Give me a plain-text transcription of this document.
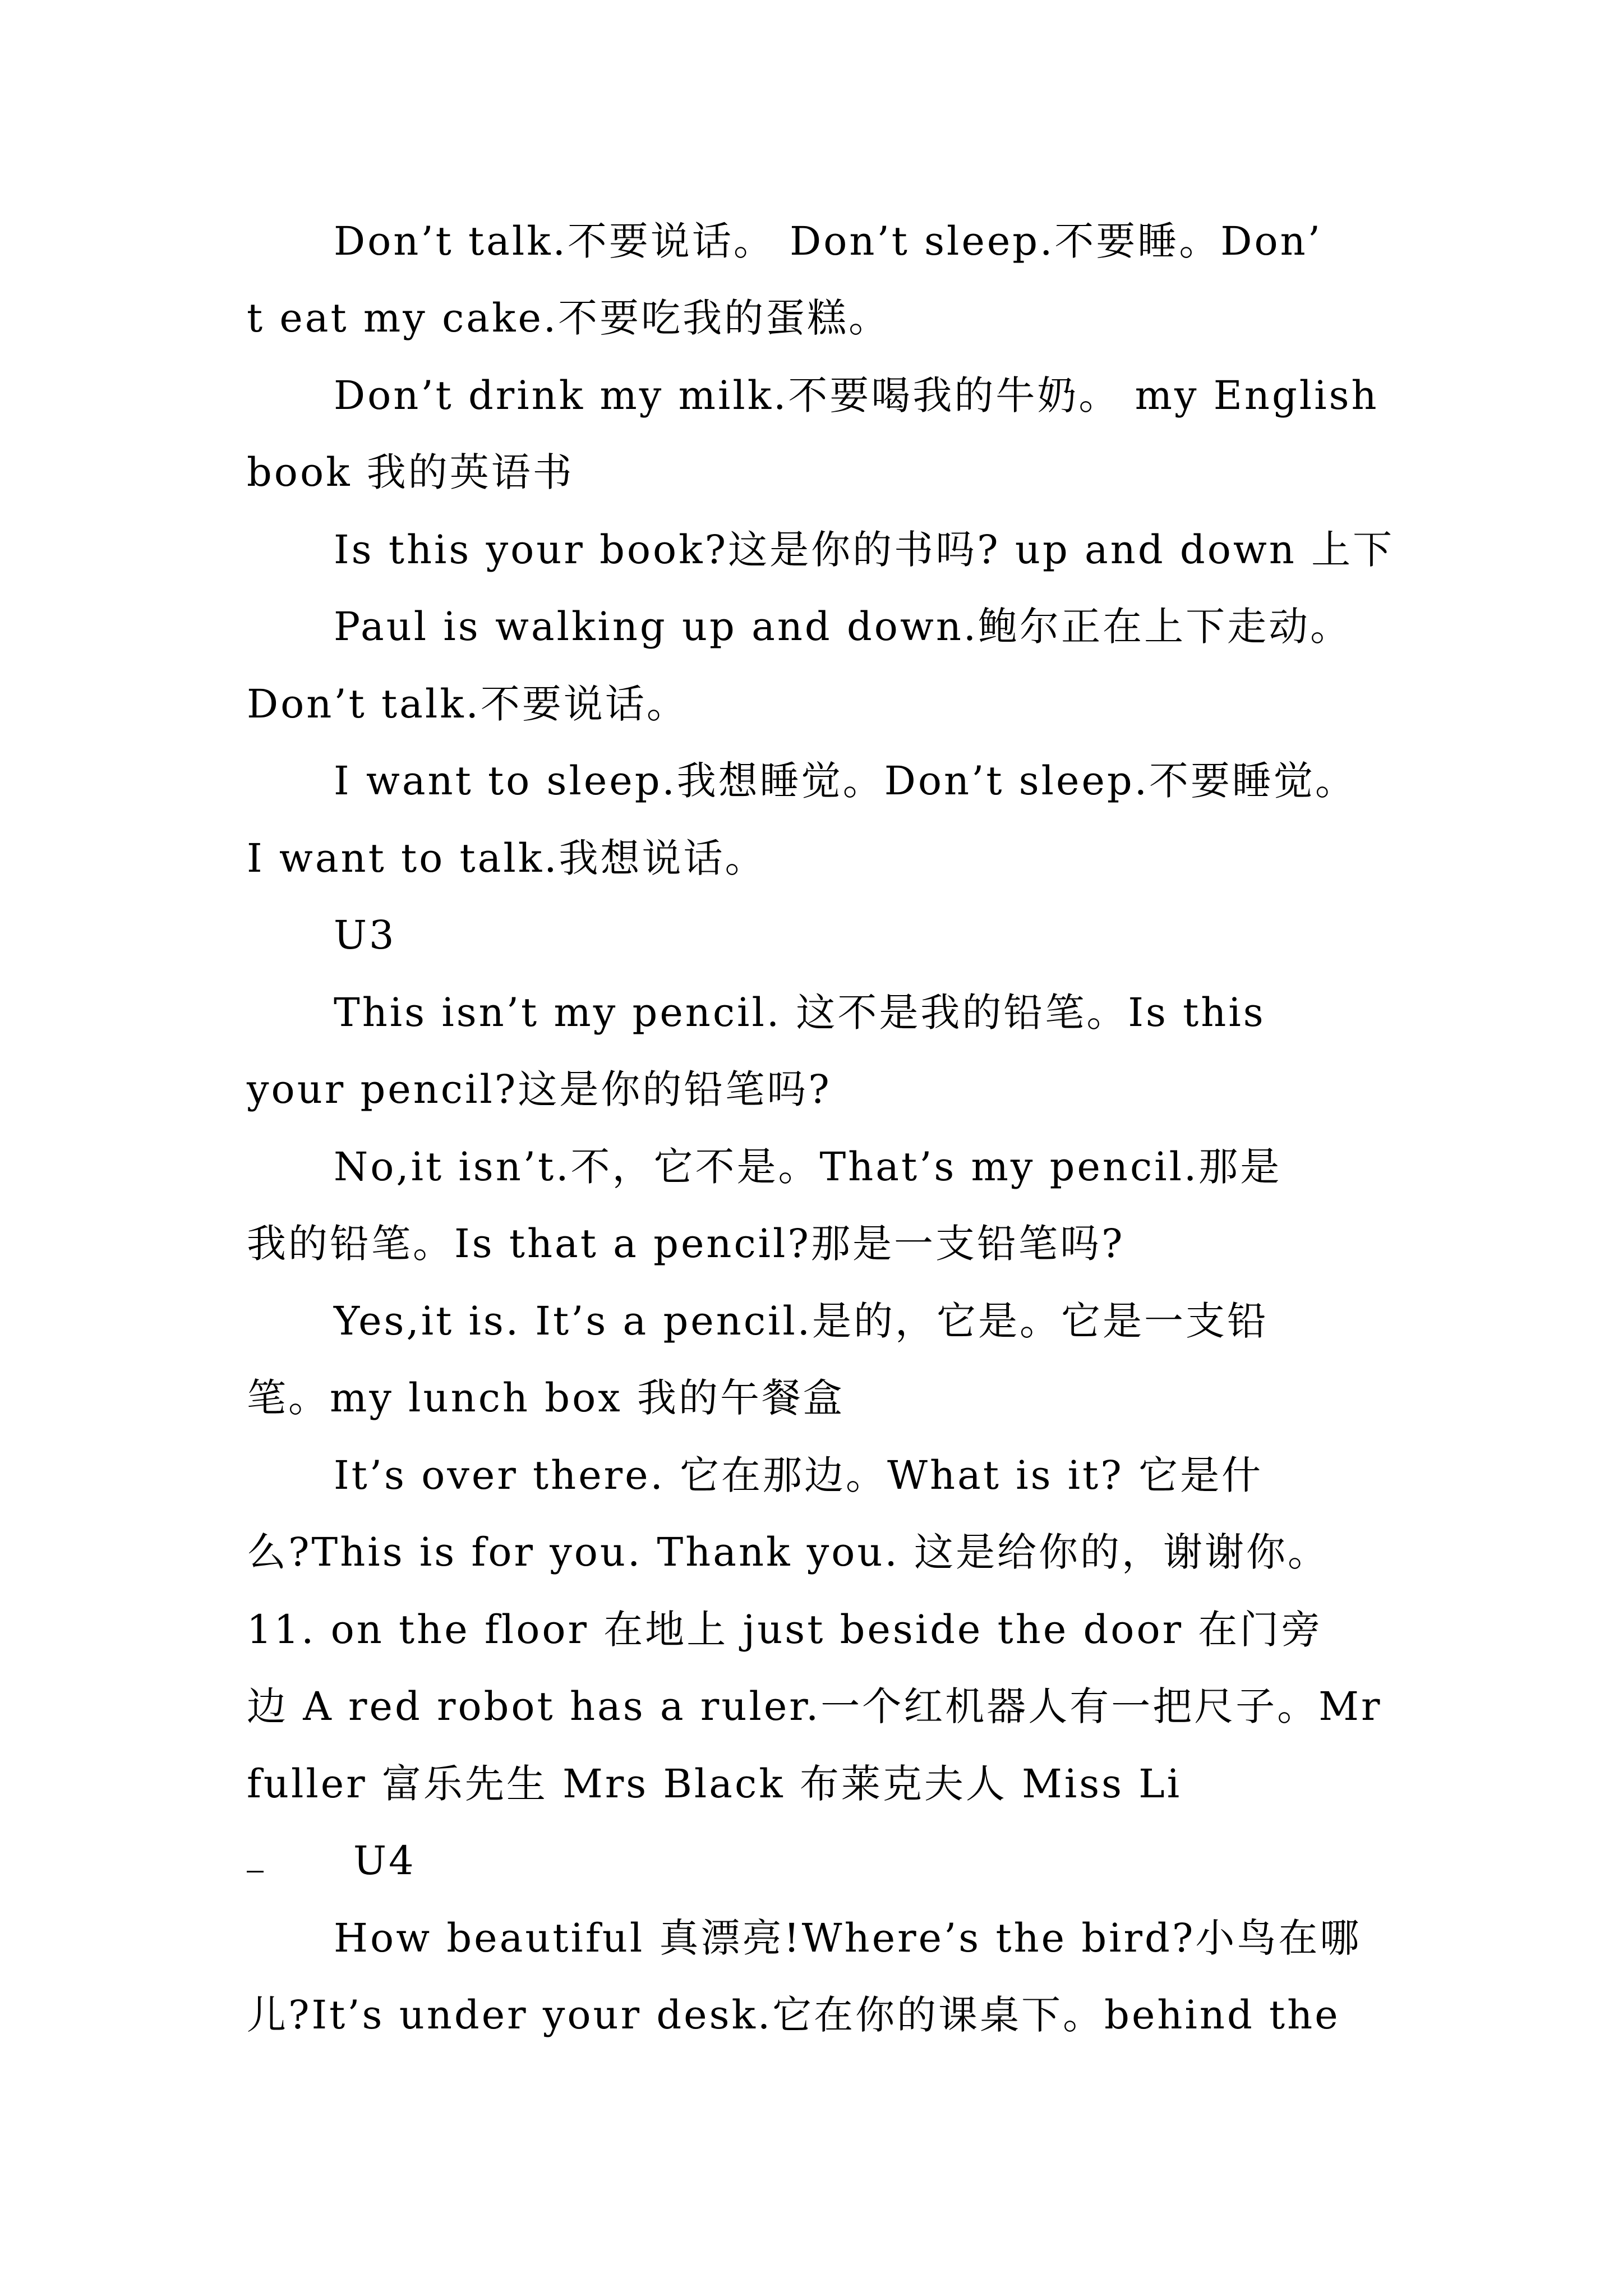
Don’t talk.不要说话。 Don’t sleep.不要睡。Don’
t eat my cake.不要吃我的蛋糕。
Don’t drink my milk.不要喝我的牛奶。 my English
book 我的英语书
Is this your book?这是你的书吗? up and down 上下
Paul is walking up and down.鲍尔正在上下走动。
Don’t talk.不要说话。
I want to sleep.我想睡觉。Don’t sleep.不要睡觉。
I want to talk.我想说话。
U3
This isn’t my pencil. 这不是我的铅笔。Is this
your pencil?这是你的铅笔吗?
No,it isn’t.不，它不是。That’s my pencil.那是
我的铅笔。Is that a pencil?那是一支铅笔吗?
Yes,it is. It’s a pencil.是的，它是。它是一支铅
笔。my lunch box 我的午餐盒
It’s over there. 它在那边。What is it? 它是什
么?This is for you. Thank you. 这是给你的，谢谢你。
11. on the floor 在地上 just beside the door 在门旁
边 A red robot has a ruler.一个红机器人有一把尺子。Mr
fuller 富乐先生 Mrs Black 布莱克夫人 Miss Li
U4
How beautiful 真漂亮!Where’s the bird?小鸟在哪
儿?It’s under your desk.它在你的课桌下。behind the
